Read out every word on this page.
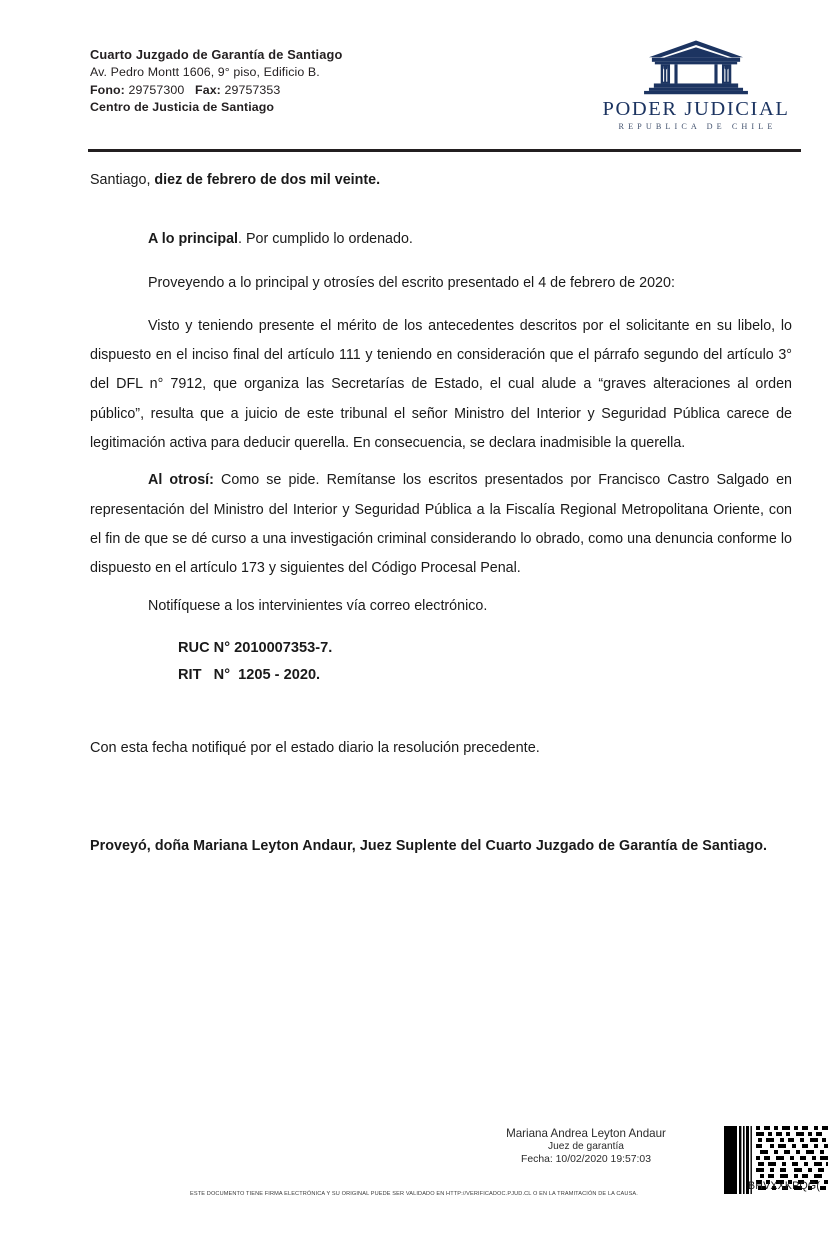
Cuarto Juzgado de Garantía de Santiago
Av. Pedro Montt 1606, 9° piso, Edificio B.
Fono: 29757300 Fax: 29757353
Centro de Justicia de Santiago	PODER JUDICIAL
REPUBLICA DE CHILE

Santiago, diez de febrero de dos mil veinte.

A lo principal. Por cumplido lo ordenado.

Proveyendo a lo principal y otrosíes del escrito presentado el 4 de febrero de 2020:

Visto y teniendo presente el mérito de los antecedentes descritos por el solicitante en su libelo, lo dispuesto en el inciso final del artículo 111 y teniendo en consideración que el párrafo segundo del artículo 3° del DFL n° 7912, que organiza las Secretarías de Estado, el cual alude a “graves alteraciones al orden público”, resulta que a juicio de este tribunal el señor Ministro del Interior y Seguridad Pública carece de legitimación activa para deducir querella. En consecuencia, se declara inadmisible la querella.

Al otrosí: Como se pide. Remítanse los escritos presentados por Francisco Castro Salgado en representación del Ministro del Interior y Seguridad Pública a la Fiscalía Regional Metropolitana Oriente, con el fin de que se dé curso a una investigación criminal considerando lo obrado, como una denuncia conforme lo dispuesto en el artículo 173 y siguientes del Código Procesal Penal.

Notifíquese a los intervinientes vía correo electrónico.

RUC N° 2010007353-7.
RIT   N°  1205 - 2020.

Con esta fecha notifiqué por el estado diario la resolución precedente.

Proveyó, doña Mariana Leyton Andaur, Juez Suplente del Cuarto Juzgado de Garantía de Santiago.

Mariana Andrea Leyton Andaur
Juez de garantía
Fecha: 10/02/2020 19:57:03
BHVXXKPQG(
ESTE DOCUMENTO TIENE FIRMA ELECTRÓNICA Y SU ORIGINAL PUEDE SER VALIDADO EN HTTP://VERIFICADOC.PJUD.CL O EN LA TRAMITACIÓN DE LA CAUSA.
